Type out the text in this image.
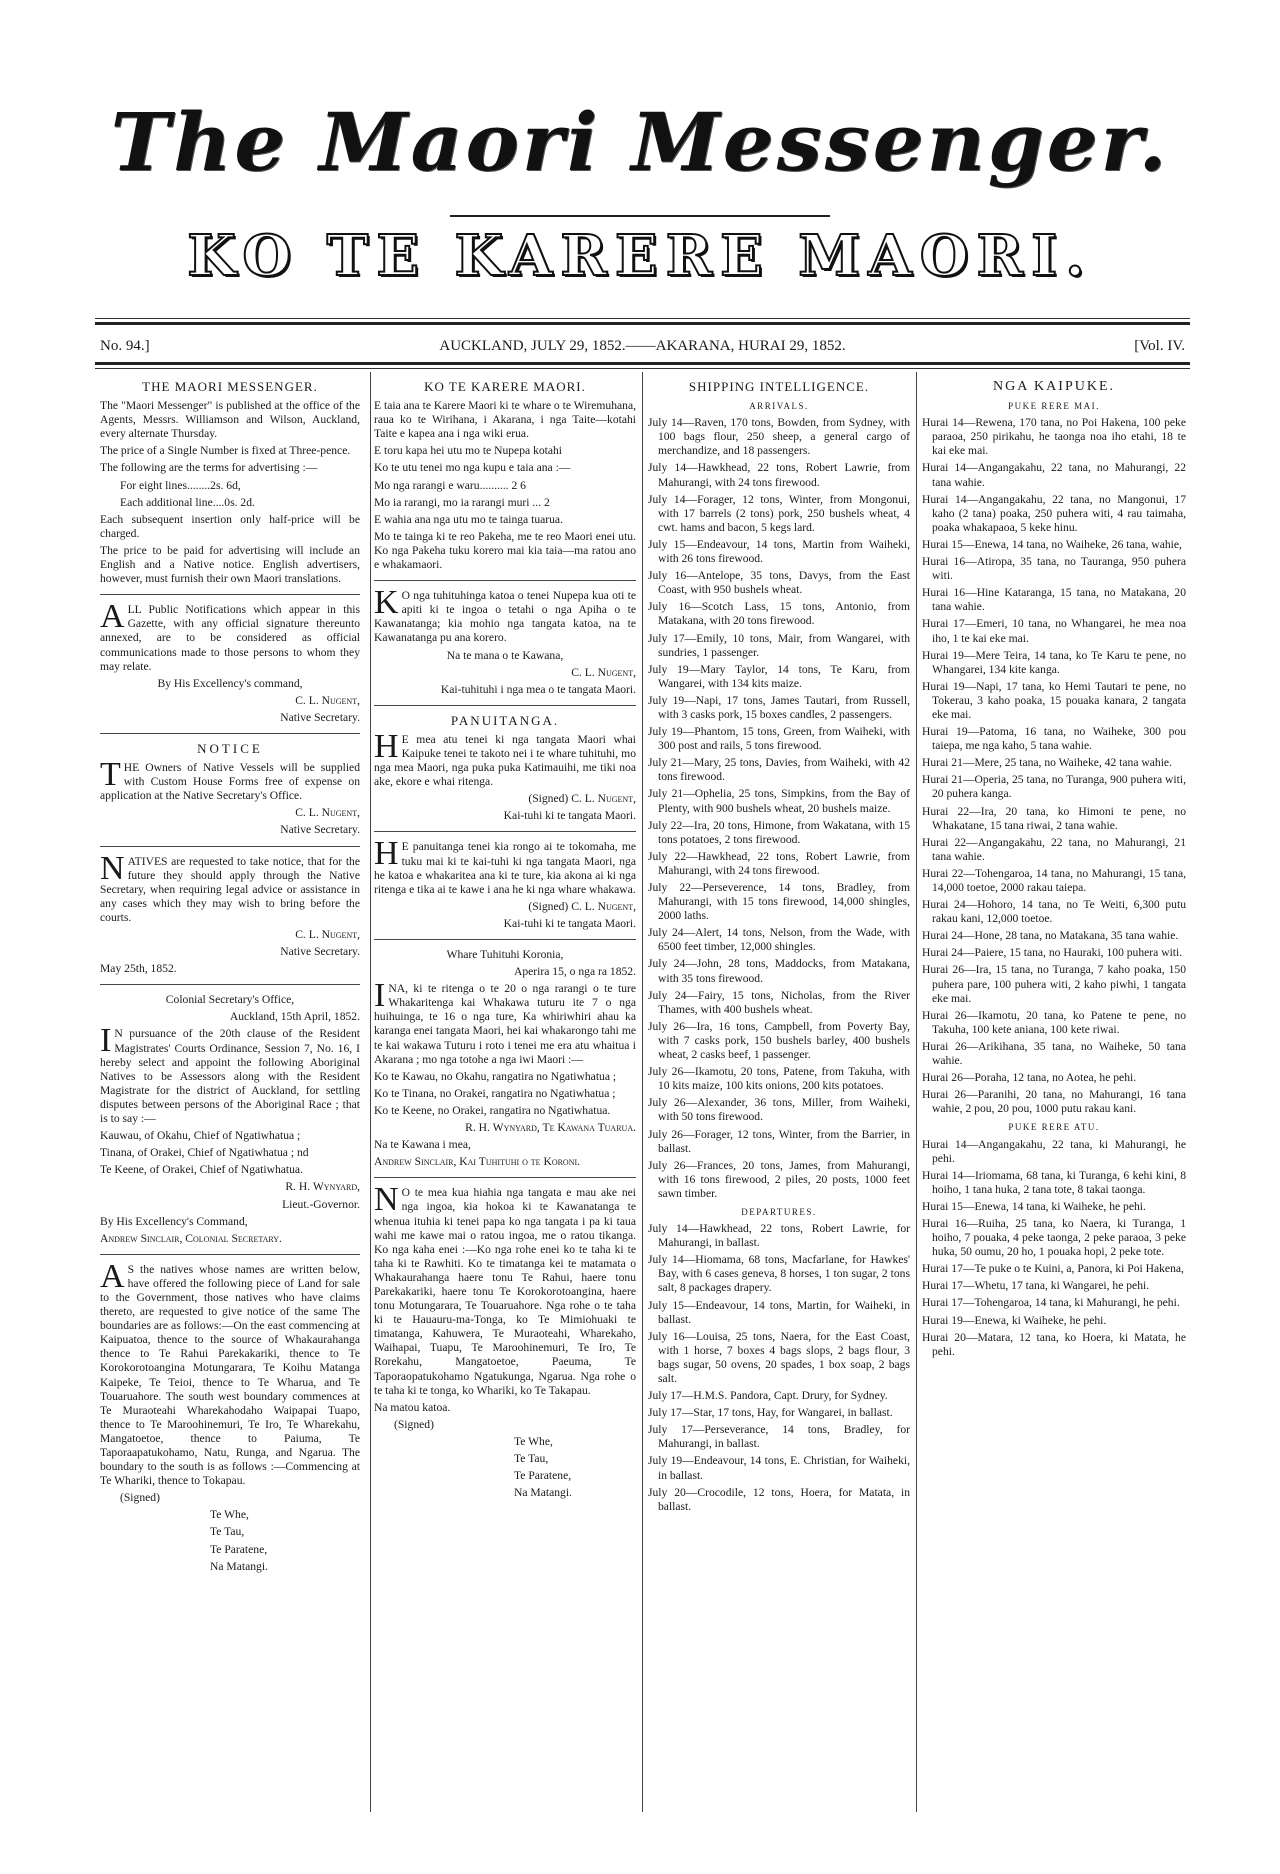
The Maori Messenger.
KO TE KARERE MAORI.
No. 94.]	AUCKLAND, JULY 29, 1852.——AKARANA, HURAI 29, 1852.	[Vol. IV.
THE MAORI MESSENGER.

The "Maori Messenger" is published at the office of the Agents, Messrs. Williamson and Wilson, Auckland, every alternate Thursday.

The price of a Single Number is fixed at Three-pence.

The following are the terms for advertising :—

For eight lines........2s. 6d,

Each additional line....0s. 2d.

Each subsequent insertion only half-price will be charged.

The price to be paid for advertising will include an English and a Native notice. English advertisers, however, must furnish their own Maori translations.

ALL Public Notifications which appear in this Gazette, with any official signature thereunto annexed, are to be considered as official communications made to those persons to whom they may relate.

By His Excellency's command,

C. L. Nugent,

Native Secretary.

NOTICE

THE Owners of Native Vessels will be supplied with Custom House Forms free of expense on application at the Native Secretary's Office.

C. L. Nugent,

Native Secretary.

NATIVES are requested to take notice, that for the future they should apply through the Native Secretary, when requiring legal advice or assistance in any cases which they may wish to bring before the courts.

C. L. Nugent,

Native Secretary.

May 25th, 1852.

Colonial Secretary's Office,

Auckland, 15th April, 1852.

IN pursuance of the 20th clause of the Resident Magistrates' Courts Ordinance, Session 7, No. 16, I hereby select and appoint the following Aboriginal Natives to be Assessors along with the Resident Magistrate for the district of Auckland, for settling disputes between persons of the Aboriginal Race ; that is to say :—

Kauwau, of Okahu, Chief of Ngatiwhatua ;

Tinana, of Orakei, Chief of Ngatiwhatua ; nd

Te Keene, of Orakei, Chief of Ngatiwhatua.

R. H. Wynyard,

Lieut.-Governor.

By His Excellency's Command,

Andrew Sinclair, Colonial Secretary.

AS the natives whose names are written below, have offered the following piece of Land for sale to the Government, those natives who have claims thereto, are requested to give notice of the same The boundaries are as follows:—On the east commencing at Kaipuatoa, thence to the source of Whakaurahanga thence to Te Rahui Parekakariki, thence to Te Korokorotoangina Motungarara, Te Koihu Matanga Kaipeke, Te Teioi, thence to Te Wharua, and Te Touaruahore. The south west boundary commences at Te Muraoteahi Wharekahodaho Waipapai Tuapo, thence to Te Maroohinemuri, Te Iro, Te Wharekahu, Mangatoetoe, thence to Paiuma, Te Taporaapatukohamo, Natu, Runga, and Ngarua. The boundary to the south is as follows :—Commencing at Te Whariki, thence to Tokapau.

(Signed)

Te Whe,

Te Tau,

Te Paratene,

Na Matangi.

KO TE KARERE MAORI.

E taia ana te Karere Maori ki te whare o te Wiremuhana, raua ko te Wirihana, i Akarana, i nga Taite—kotahi Taite e kapea ana i nga wiki erua.

E toru kapa hei utu mo te Nupepa kotahi

Ko te utu tenei mo nga kupu e taia ana :—

Mo nga rarangi e waru.......... 2 6

Mo ia rarangi, mo ia rarangi muri ... 2

E wahia ana nga utu mo te tainga tuarua.

Mo te tainga ki te reo Pakeha, me te reo Maori enei utu. Ko nga Pakeha tuku korero mai kia taia—ma ratou ano e whakamaori.

KO nga tuhituhinga katoa o tenei Nupepa kua oti te apiti ki te ingoa o tetahi o nga Apiha o te Kawanatanga; kia mohio nga tangata katoa, na te Kawanatanga pu ana korero.

Na te mana o te Kawana,

C. L. Nugent,

Kai-tuhituhi i nga mea o te tangata Maori.

PANUITANGA.

HE mea atu tenei ki nga tangata Maori whai Kaipuke tenei te takoto nei i te whare tuhituhi, mo nga mea Maori, nga puka puka Katimauihi, me tiki noa ake, ekore e whai ritenga.

(Signed) C. L. Nugent,

Kai-tuhi ki te tangata Maori.

HE panuitanga tenei kia rongo ai te tokomaha, me tuku mai ki te kai-tuhi ki nga tangata Maori, nga he katoa e whakaritea ana ki te ture, kia akona ai ki nga ritenga e tika ai te kawe i ana he ki nga whare whakawa.

(Signed) C. L. Nugent,

Kai-tuhi ki te tangata Maori.

Whare Tuhituhi Koronia,

Aperira 15, o nga ra 1852.

INA, ki te ritenga o te 20 o nga rarangi o te ture Whakaritenga kai Whakawa tuturu ite 7 o nga huihuinga, te 16 o nga ture, Ka whiriwhiri ahau ka karanga enei tangata Maori, hei kai whakarongo tahi me te kai wakawa Tuturu i roto i tenei me era atu whaitua i Akarana ; mo nga totohe a nga iwi Maori :—

Ko te Kawau, no Okahu, rangatira no Ngatiwhatua ;

Ko te Tinana, no Orakei, rangatira no Ngatiwhatua ;

Ko te Keene, no Orakei, rangatira no Ngatiwhatua.

R. H. Wynyard, Te Kawana Tuarua.

Na te Kawana i mea,

Andrew Sinclair, Kai Tuhituhi o te Koroni.

NO te mea kua hiahia nga tangata e mau ake nei nga ingoa, kia hokoa ki te Kawanatanga te whenua ituhia ki tenei papa ko nga tangata i pa ki taua wahi me kawe mai o ratou ingoa, me o ratou tikanga. Ko nga kaha enei :—Ko nga rohe enei ko te taha ki te taha ki te Rawhiti. Ko te timatanga kei te matamata o Whakaurahanga haere tonu Te Rahui, haere tonu Parekakariki, haere tonu Te Korokorotoangina, haere tonu Motungarara, Te Touaruahore. Nga rohe o te taha ki te Hauauru-ma-Tonga, ko Te Mimiohuaki te timatanga, Kahuwera, Te Muraoteahi, Wharekaho, Waihapai, Tuapu, Te Maroohinemuri, Te Iro, Te Rorekahu, Mangatoetoe, Paeuma, Te Taporaopatukohamo Ngatukunga, Ngarua. Nga rohe o te taha ki te tonga, ko Whariki, ko Te Takapau.

Na matou katoa.

(Signed)

Te Whe,

Te Tau,

Te Paratene,

Na Matangi.

SHIPPING INTELLIGENCE.
ARRIVALS.

July 14—Raven, 170 tons, Bowden, from Sydney, with 100 bags flour, 250 sheep, a general cargo of merchandize, and 18 passengers.

July 14—Hawkhead, 22 tons, Robert Lawrie, from Mahurangi, with 24 tons firewood.

July 14—Forager, 12 tons, Winter, from Mongonui, with 17 barrels (2 tons) pork, 250 bushels wheat, 4 cwt. hams and bacon, 5 kegs lard.

July 15—Endeavour, 14 tons, Martin from Waiheki, with 26 tons firewood.

July 16—Antelope, 35 tons, Davys, from the East Coast, with 950 bushels wheat.

July 16—Scotch Lass, 15 tons, Antonio, from Matakana, with 20 tons firewood.

July 17—Emily, 10 tons, Mair, from Wangarei, with sundries, 1 passenger.

July 19—Mary Taylor, 14 tons, Te Karu, from Wangarei, with 134 kits maize.

July 19—Napi, 17 tons, James Tautari, from Russell, with 3 casks pork, 15 boxes candles, 2 passengers.

July 19—Phantom, 15 tons, Green, from Waiheki, with 300 post and rails, 5 tons firewood.

July 21—Mary, 25 tons, Davies, from Waiheki, with 42 tons firewood.

July 21—Ophelia, 25 tons, Simpkins, from the Bay of Plenty, with 900 bushels wheat, 20 bushels maize.

July 22—Ira, 20 tons, Himone, from Wakatana, with 15 tons potatoes, 2 tons firewood.

July 22—Hawkhead, 22 tons, Robert Lawrie, from Mahurangi, with 24 tons firewood.

July 22—Perseverence, 14 tons, Bradley, from Mahurangi, with 15 tons firewood, 14,000 shingles, 2000 laths.

July 24—Alert, 14 tons, Nelson, from the Wade, with 6500 feet timber, 12,000 shingles.

July 24—John, 28 tons, Maddocks, from Matakana, with 35 tons firewood.

July 24—Fairy, 15 tons, Nicholas, from the River Thames, with 400 bushels wheat.

July 26—Ira, 16 tons, Campbell, from Poverty Bay, with 7 casks pork, 150 bushels barley, 400 bushels wheat, 2 casks beef, 1 passenger.

July 26—Ikamotu, 20 tons, Patene, from Takuha, with 10 kits maize, 100 kits onions, 200 kits potatoes.

July 26—Alexander, 36 tons, Miller, from Waiheki, with 50 tons firewood.

July 26—Forager, 12 tons, Winter, from the Barrier, in ballast.

July 26—Frances, 20 tons, James, from Mahurangi, with 16 tons firewood, 2 piles, 20 posts, 1000 feet sawn timber.

DEPARTURES.

July 14—Hawkhead, 22 tons, Robert Lawrie, for Mahurangi, in ballast.

July 14—Hiomama, 68 tons, Macfarlane, for Hawkes' Bay, with 6 cases geneva, 8 horses, 1 ton sugar, 2 tons salt, 8 packages drapery.

July 15—Endeavour, 14 tons, Martin, for Waiheki, in ballast.

July 16—Louisa, 25 tons, Naera, for the East Coast, with 1 horse, 7 boxes 4 bags slops, 2 bags flour, 3 bags sugar, 50 ovens, 20 spades, 1 box soap, 2 bags salt.

July 17—H.M.S. Pandora, Capt. Drury, for Sydney.

July 17—Star, 17 tons, Hay, for Wangarei, in ballast.

July 17—Perseverance, 14 tons, Bradley, for Mahurangi, in ballast.

July 19—Endeavour, 14 tons, E. Christian, for Waiheki, in ballast.

July 20—Crocodile, 12 tons, Hoera, for Matata, in ballast.

NGA KAIPUKE.
PUKE RERE MAI.

Hurai 14—Rewena, 170 tana, no Poi Hakena, 100 peke paraoa, 250 pirikahu, he taonga noa iho etahi, 18 te kai eke mai.

Hurai 14—Angangakahu, 22 tana, no Mahurangi, 22 tana wahie.

Hurai 14—Angangakahu, 22 tana, no Mangonui, 17 kaho (2 tana) poaka, 250 puhera witi, 4 rau taimaha, poaka whakapaoa, 5 keke hinu.

Hurai 15—Enewa, 14 tana, no Waiheke, 26 tana, wahie,

Hurai 16—Atiropa, 35 tana, no Tauranga, 950 puhera witi.

Hurai 16—Hine Kataranga, 15 tana, no Matakana, 20 tana wahie.

Hurai 17—Emeri, 10 tana, no Whangarei, he mea noa iho, 1 te kai eke mai.

Hurai 19—Mere Teira, 14 tana, ko Te Karu te pene, no Whangarei, 134 kite kanga.

Hurai 19—Napi, 17 tana, ko Hemi Tautari te pene, no Tokerau, 3 kaho poaka, 15 pouaka kanara, 2 tangata eke mai.

Hurai 19—Patoma, 16 tana, no Waiheke, 300 pou taiepa, me nga kaho, 5 tana wahie.

Hurai 21—Mere, 25 tana, no Waiheke, 42 tana wahie.

Hurai 21—Operia, 25 tana, no Turanga, 900 puhera witi, 20 puhera kanga.

Hurai 22—Ira, 20 tana, ko Himoni te pene, no Whakatane, 15 tana riwai, 2 tana wahie.

Hurai 22—Angangakahu, 22 tana, no Mahurangi, 21 tana wahie.

Hurai 22—Tohengaroa, 14 tana, no Mahurangi, 15 tana, 14,000 toetoe, 2000 rakau taiepa.

Hurai 24—Hohoro, 14 tana, no Te Weiti, 6,300 putu rakau kani, 12,000 toetoe.

Hurai 24—Hone, 28 tana, no Matakana, 35 tana wahie.

Hurai 24—Paiere, 15 tana, no Hauraki, 100 puhera witi.

Hurai 26—Ira, 15 tana, no Turanga, 7 kaho poaka, 150 puhera pare, 100 puhera witi, 2 kaho piwhi, 1 tangata eke mai.

Hurai 26—Ikamotu, 20 tana, ko Patene te pene, no Takuha, 100 kete aniana, 100 kete riwai.

Hurai 26—Arikihana, 35 tana, no Waiheke, 50 tana wahie.

Hurai 26—Poraha, 12 tana, no Aotea, he pehi.

Hurai 26—Paranihi, 20 tana, no Mahurangi, 16 tana wahie, 2 pou, 20 pou, 1000 putu rakau kani.

PUKE RERE ATU.

Hurai 14—Angangakahu, 22 tana, ki Mahurangi, he pehi.

Hurai 14—Iriomama, 68 tana, ki Turanga, 6 kehi kini, 8 hoiho, 1 tana huka, 2 tana tote, 8 takai taonga.

Hurai 15—Enewa, 14 tana, ki Waiheke, he pehi.

Hurai 16—Ruiha, 25 tana, ko Naera, ki Turanga, 1 hoiho, 7 pouaka, 4 peke taonga, 2 peke paraoa, 3 peke huka, 50 oumu, 20 ho, 1 pouaka hopi, 2 peke tote.

Hurai 17—Te puke o te Kuini, a, Panora, ki Poi Hakena,

Hurai 17—Whetu, 17 tana, ki Wangarei, he pehi.

Hurai 17—Tohengaroa, 14 tana, ki Mahurangi, he pehi.

Hurai 19—Enewa, ki Waiheke, he pehi.

Hurai 20—Matara, 12 tana, ko Hoera, ki Matata, he pehi.
